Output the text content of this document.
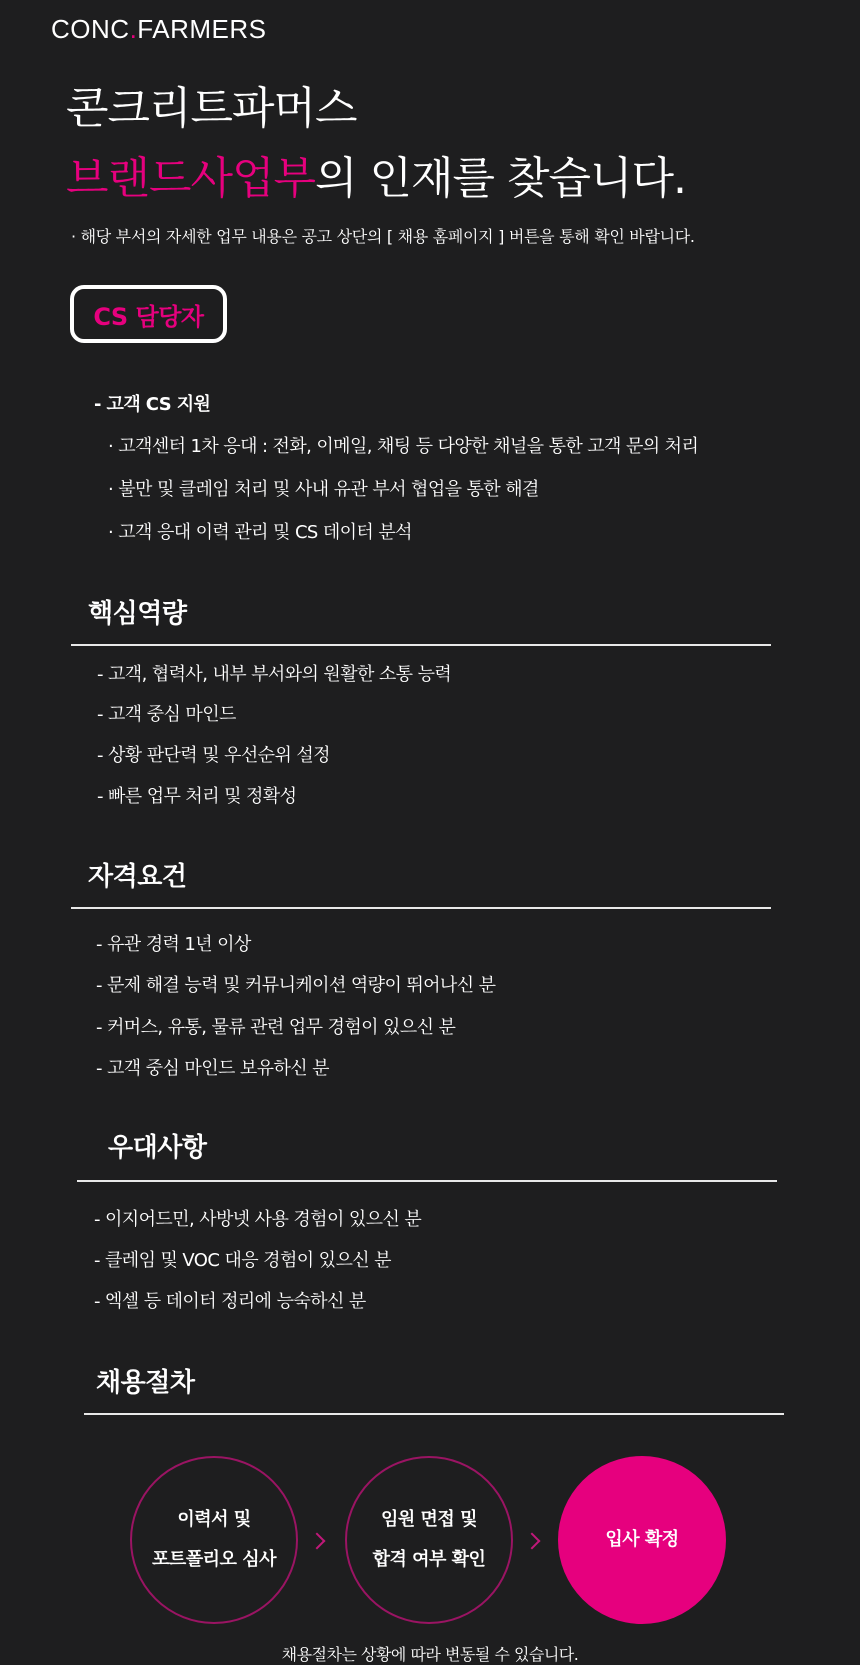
CONC.FARMERS
콘크리트파머스
브랜드사업부의 인재를 찾습니다.
· 해당 부서의 자세한 업무 내용은 공고 상단의 [ 채용 홈페이지 ] 버튼을 통해 확인 바랍니다.
CS 담당자
- 고객 CS 지원
· 고객센터 1차 응대 : 전화, 이메일, 채팅 등 다양한 채널을 통한 고객 문의 처리
· 불만 및 클레임 처리 및 사내 유관 부서 협업을 통한 해결
· 고객 응대 이력 관리 및 CS 데이터 분석
핵심역량
- 고객, 협력사, 내부 부서와의 원활한 소통 능력
- 고객 중심 마인드
- 상황 판단력 및 우선순위 설정
- 빠른 업무 처리 및 정확성
자격요건
- 유관 경력 1년 이상
- 문제 해결 능력 및 커뮤니케이션 역량이 뛰어나신 분
- 커머스, 유통, 물류 관련 업무 경험이 있으신 분
- 고객 중심 마인드 보유하신 분
우대사항
- 이지어드민, 사방넷 사용 경험이 있으신 분
- 클레임 및 VOC 대응 경험이 있으신 분
- 엑셀 등 데이터 정리에 능숙하신 분
채용절차
이력서 및
포트폴리오 심사
임원 면접 및
합격 여부 확인
입사 확정
채용절차는 상황에 따라 변동될 수 있습니다.
